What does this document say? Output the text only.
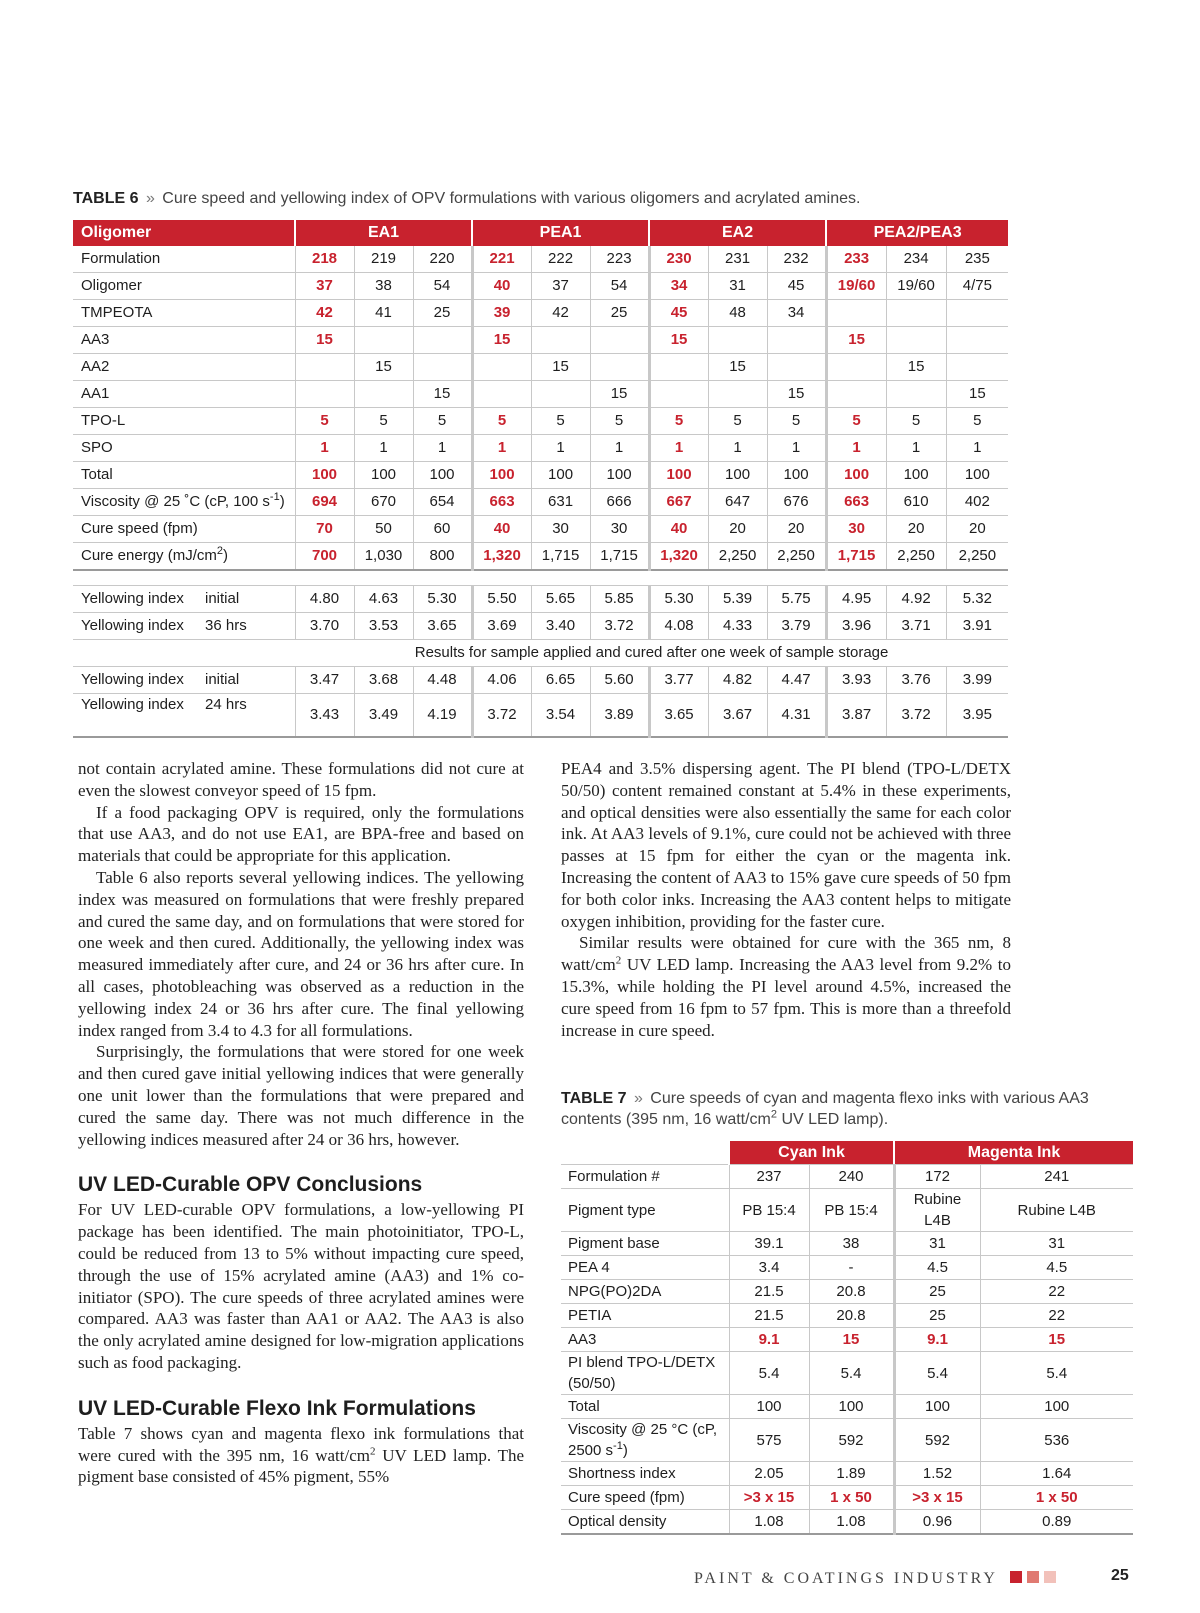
TABLE 6 » Cure speed and yellowing index of OPV formulations with various oligomers and acrylated amines.
Oligomer	EA1			PEA1			EA2			PEA2/PEA3		
Formulation	218	219	220	221	222	223	230	231	232	233	234	235
Oligomer	37	38	54	40	37	54	34	31	45	19/60	19/60	4/75
TMPEOTA	42	41	25	39	42	25	45	48	34			
AA3	15			15			15			15		
AA2		15			15			15			15	
AA1			15			15			15			15
TPO-L	5	5	5	5	5	5	5	5	5	5	5	5
SPO	1	1	1	1	1	1	1	1	1	1	1	1
Total	100	100	100	100	100	100	100	100	100	100	100	100
Viscosity @ 25 ˚C (cP, 100 $s^{-1}$)	694	670	654	663	631	666	667	647	676	663	610	402
Cure speed (fpm)	70	50	60	40	30	30	40	20	20	30	20	20
Cure energy $(mJ/cm^2)$	700	1,030	800	1,320	1,715	1,715	1,320	2,250	2,250	1,715	2,250	2,250

Yellowing index initial	4.80	4.63	5.30	5.50	5.65	5.85	5.30	5.39	5.75	4.95	4.92	5.32
Yellowing index 36 hrs	3.70	3.53	3.65	3.69	3.40	3.72	4.08	4.33	3.79	3.96	3.71	3.91
	Results for sample applied and cured after one week of sample storage											
Yellowing index initial	3.47	3.68	4.48	4.06	6.65	5.60	3.77	4.82	4.47	3.93	3.76	3.99
Yellowing index 24 hrs	3.43	3.49	4.19	3.72	3.54	3.89	3.65	3.67	4.31	3.87	3.72	3.95

not contain acrylated amine. These formulations did not cure at even the slowest conveyor speed of 15 fpm.

If a food packaging OPV is required, only the formulations that use AA3, and do not use EA1, are BPA-free and based on materials that could be appropriate for this application.

Table 6 also reports several yellowing indices. The yellowing index was measured on formulations that were freshly prepared and cured the same day, and on formulations that were stored for one week and then cured. Additionally, the yellowing index was measured immediately after cure, and 24 or 36 hrs after cure. In all cases, photobleaching was observed as a reduction in the yellowing index 24 or 36 hrs after cure. The final yellowing index ranged from 3.4 to 4.3 for all formulations.

Surprisingly, the formulations that were stored for one week and then cured gave initial yellowing indices that were generally one unit lower than the formulations that were prepared and cured the same day. There was not much difference in the yellowing indices measured after 24 or 36 hrs, however.

UV LED-Curable OPV Conclusions

For UV LED-curable OPV formulations, a low-yellowing PI package has been identified. The main photoinitiator, TPO-L, could be reduced from 13 to 5% without impacting cure speed, through the use of 15% acrylated amine (AA3) and 1% co-initiator (SPO). The cure speeds of three acrylated amines were compared. AA3 was faster than AA1 or AA2. The AA3 is also the only acrylated amine designed for low-migration applications such as food packaging.

UV LED-Curable Flexo Ink Formulations

Table 7 shows cyan and magenta flexo ink formulations that were cured with the 395 nm, 16 watt/$cm^2$ UV LED lamp. The pigment base consisted of 45% pigment, 55%

PEA4 and 3.5% dispersing agent. The PI blend (TPO-L/DETX 50/50) content remained constant at 5.4% in these experiments, and optical densities were also essentially the same for each color ink. At AA3 levels of 9.1%, cure could not be achieved with three passes at 15 fpm for either the cyan or the magenta ink. Increasing the content of AA3 to 15% gave cure speeds of 50 fpm for both color inks. Increasing the AA3 content helps to mitigate oxygen inhibition, providing for the faster cure.

Similar results were obtained for cure with the 365 nm, 8 watt/$cm^2$ UV LED lamp. Increasing the AA3 level from 9.2% to 15.3%, while holding the PI level around 4.5%, increased the cure speed from 16 fpm to 57 fpm. This is more than a threefold increase in cure speed.

TABLE 7 » Cure speeds of cyan and magenta flexo inks with various AA3 contents (395 nm, 16 watt/$cm^2$ UV LED lamp).
	Cyan Ink		Magenta Ink	
Formulation #	237	240	172	241
Pigment type	PB 15:4	PB 15:4	Rubine L4B	Rubine L4B
Pigment base	39.1	38	31	31
PEA 4	3.4	-	4.5	4.5
NPG(PO)2DA	21.5	20.8	25	22
PETIA	21.5	20.8	25	22
AA3	9.1	15	9.1	15
PI blend TPO-L/DETX (50/50)	5.4	5.4	5.4	5.4
Total	100	100	100	100
Viscosity @ 25 °C (cP, 2500 $s^{-1}$)	575	592	592	536
Shortness index	2.05	1.89	1.52	1.64
Cure speed (fpm)	>3 x 15	1 x 50	>3 x 15	1 x 50
Optical density	1.08	1.08	0.96	0.89
PAINT & COATINGS INDUSTRY	25
